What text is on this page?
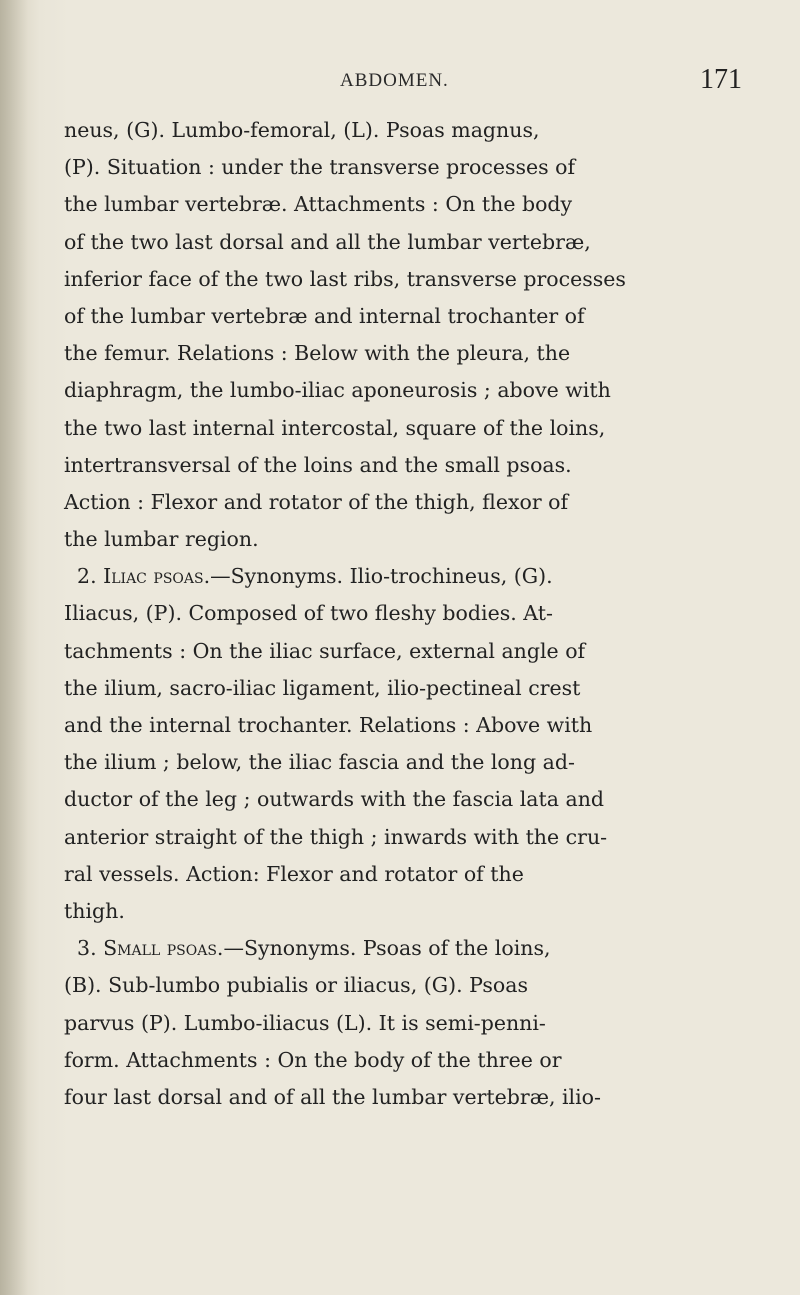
ABDOMEN.	171
neus, (G). Lumbo-femoral, (L). Psoas magnus,
(P). Situation : under the transverse processes of
the lumbar vertebræ. Attachments : On the body
of the two last dorsal and all the lumbar vertebræ,
inferior face of the two last ribs, transverse processes
of the lumbar vertebræ and internal trochanter of
the femur. Relations : Below with the pleura, the
diaphragm, the lumbo-iliac aponeurosis ; above with
the two last internal intercostal, square of the loins,
intertransversal of the loins and the small psoas.
Action : Flexor and rotator of the thigh, flexor of
the lumbar region.
2. Iliac psoas.—Synonyms. Ilio-trochineus, (G).
Iliacus, (P). Composed of two fleshy bodies. At-
tachments : On the iliac surface, external angle of
the ilium, sacro-iliac ligament, ilio-pectineal crest
and the internal trochanter. Relations : Above with
the ilium ; below, the iliac fascia and the long ad-
ductor of the leg ; outwards with the fascia lata and
anterior straight of the thigh ; inwards with the cru-
ral vessels. Action: Flexor and rotator of the
thigh.
3. Small psoas.—Synonyms. Psoas of the loins,
(B). Sub-lumbo pubialis or iliacus, (G). Psoas
parvus (P). Lumbo-iliacus (L). It is semi-penni-
form. Attachments : On the body of the three or
four last dorsal and of all the lumbar vertebræ, ilio-
